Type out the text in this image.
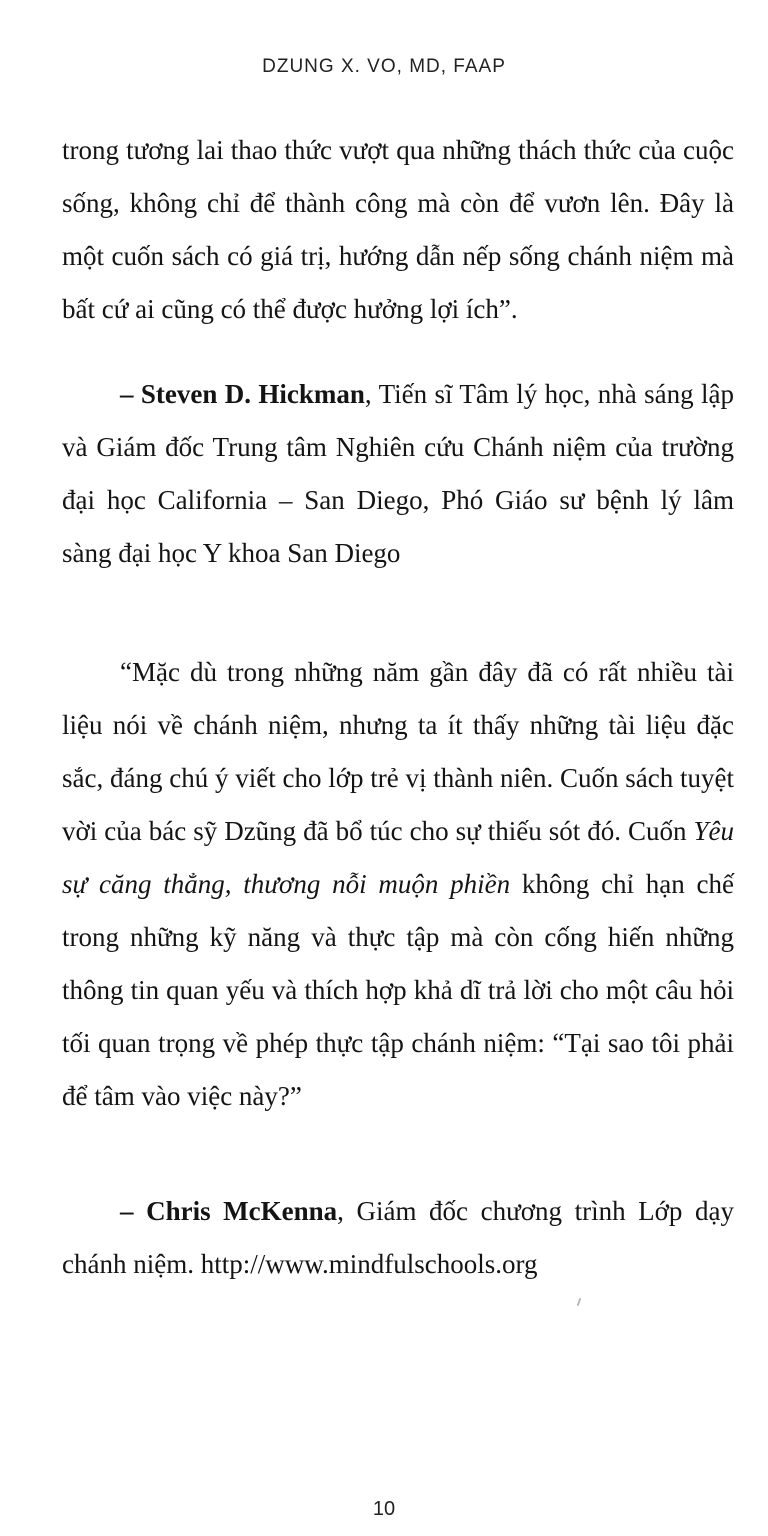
DZUNG X. VO, MD, FAAP

trong tương lai thao thức vượt qua những thách thức của cuộc sống, không chỉ để thành công mà còn để vươn lên. Đây là một cuốn sách có giá trị, hướng dẫn nếp sống chánh niệm mà bất cứ ai cũng có thể được hưởng lợi ích”.

– Steven D. Hickman, Tiến sĩ Tâm lý học, nhà sáng lập và Giám đốc Trung tâm Nghiên cứu Chánh niệm của trường đại học California – San Diego, Phó Giáo sư bệnh lý lâm sàng đại học Y khoa San Diego

“Mặc dù trong những năm gần đây đã có rất nhiều tài liệu nói về chánh niệm, nhưng ta ít thấy những tài liệu đặc sắc, đáng chú ý viết cho lớp trẻ vị thành niên. Cuốn sách tuyệt vời của bác sỹ Dzũng đã bổ túc cho sự thiếu sót đó. Cuốn Yêu sự căng thẳng, thương nỗi muộn phiền không chỉ hạn chế trong những kỹ năng và thực tập mà còn cống hiến những thông tin quan yếu và thích hợp khả dĩ trả lời cho một câu hỏi tối quan trọng về phép thực tập chánh niệm: “Tại sao tôi phải để tâm vào việc này?”

– Chris McKenna, Giám đốc chương trình Lớp dạy chánh niệm. http://www.mindfulschools.org

10
